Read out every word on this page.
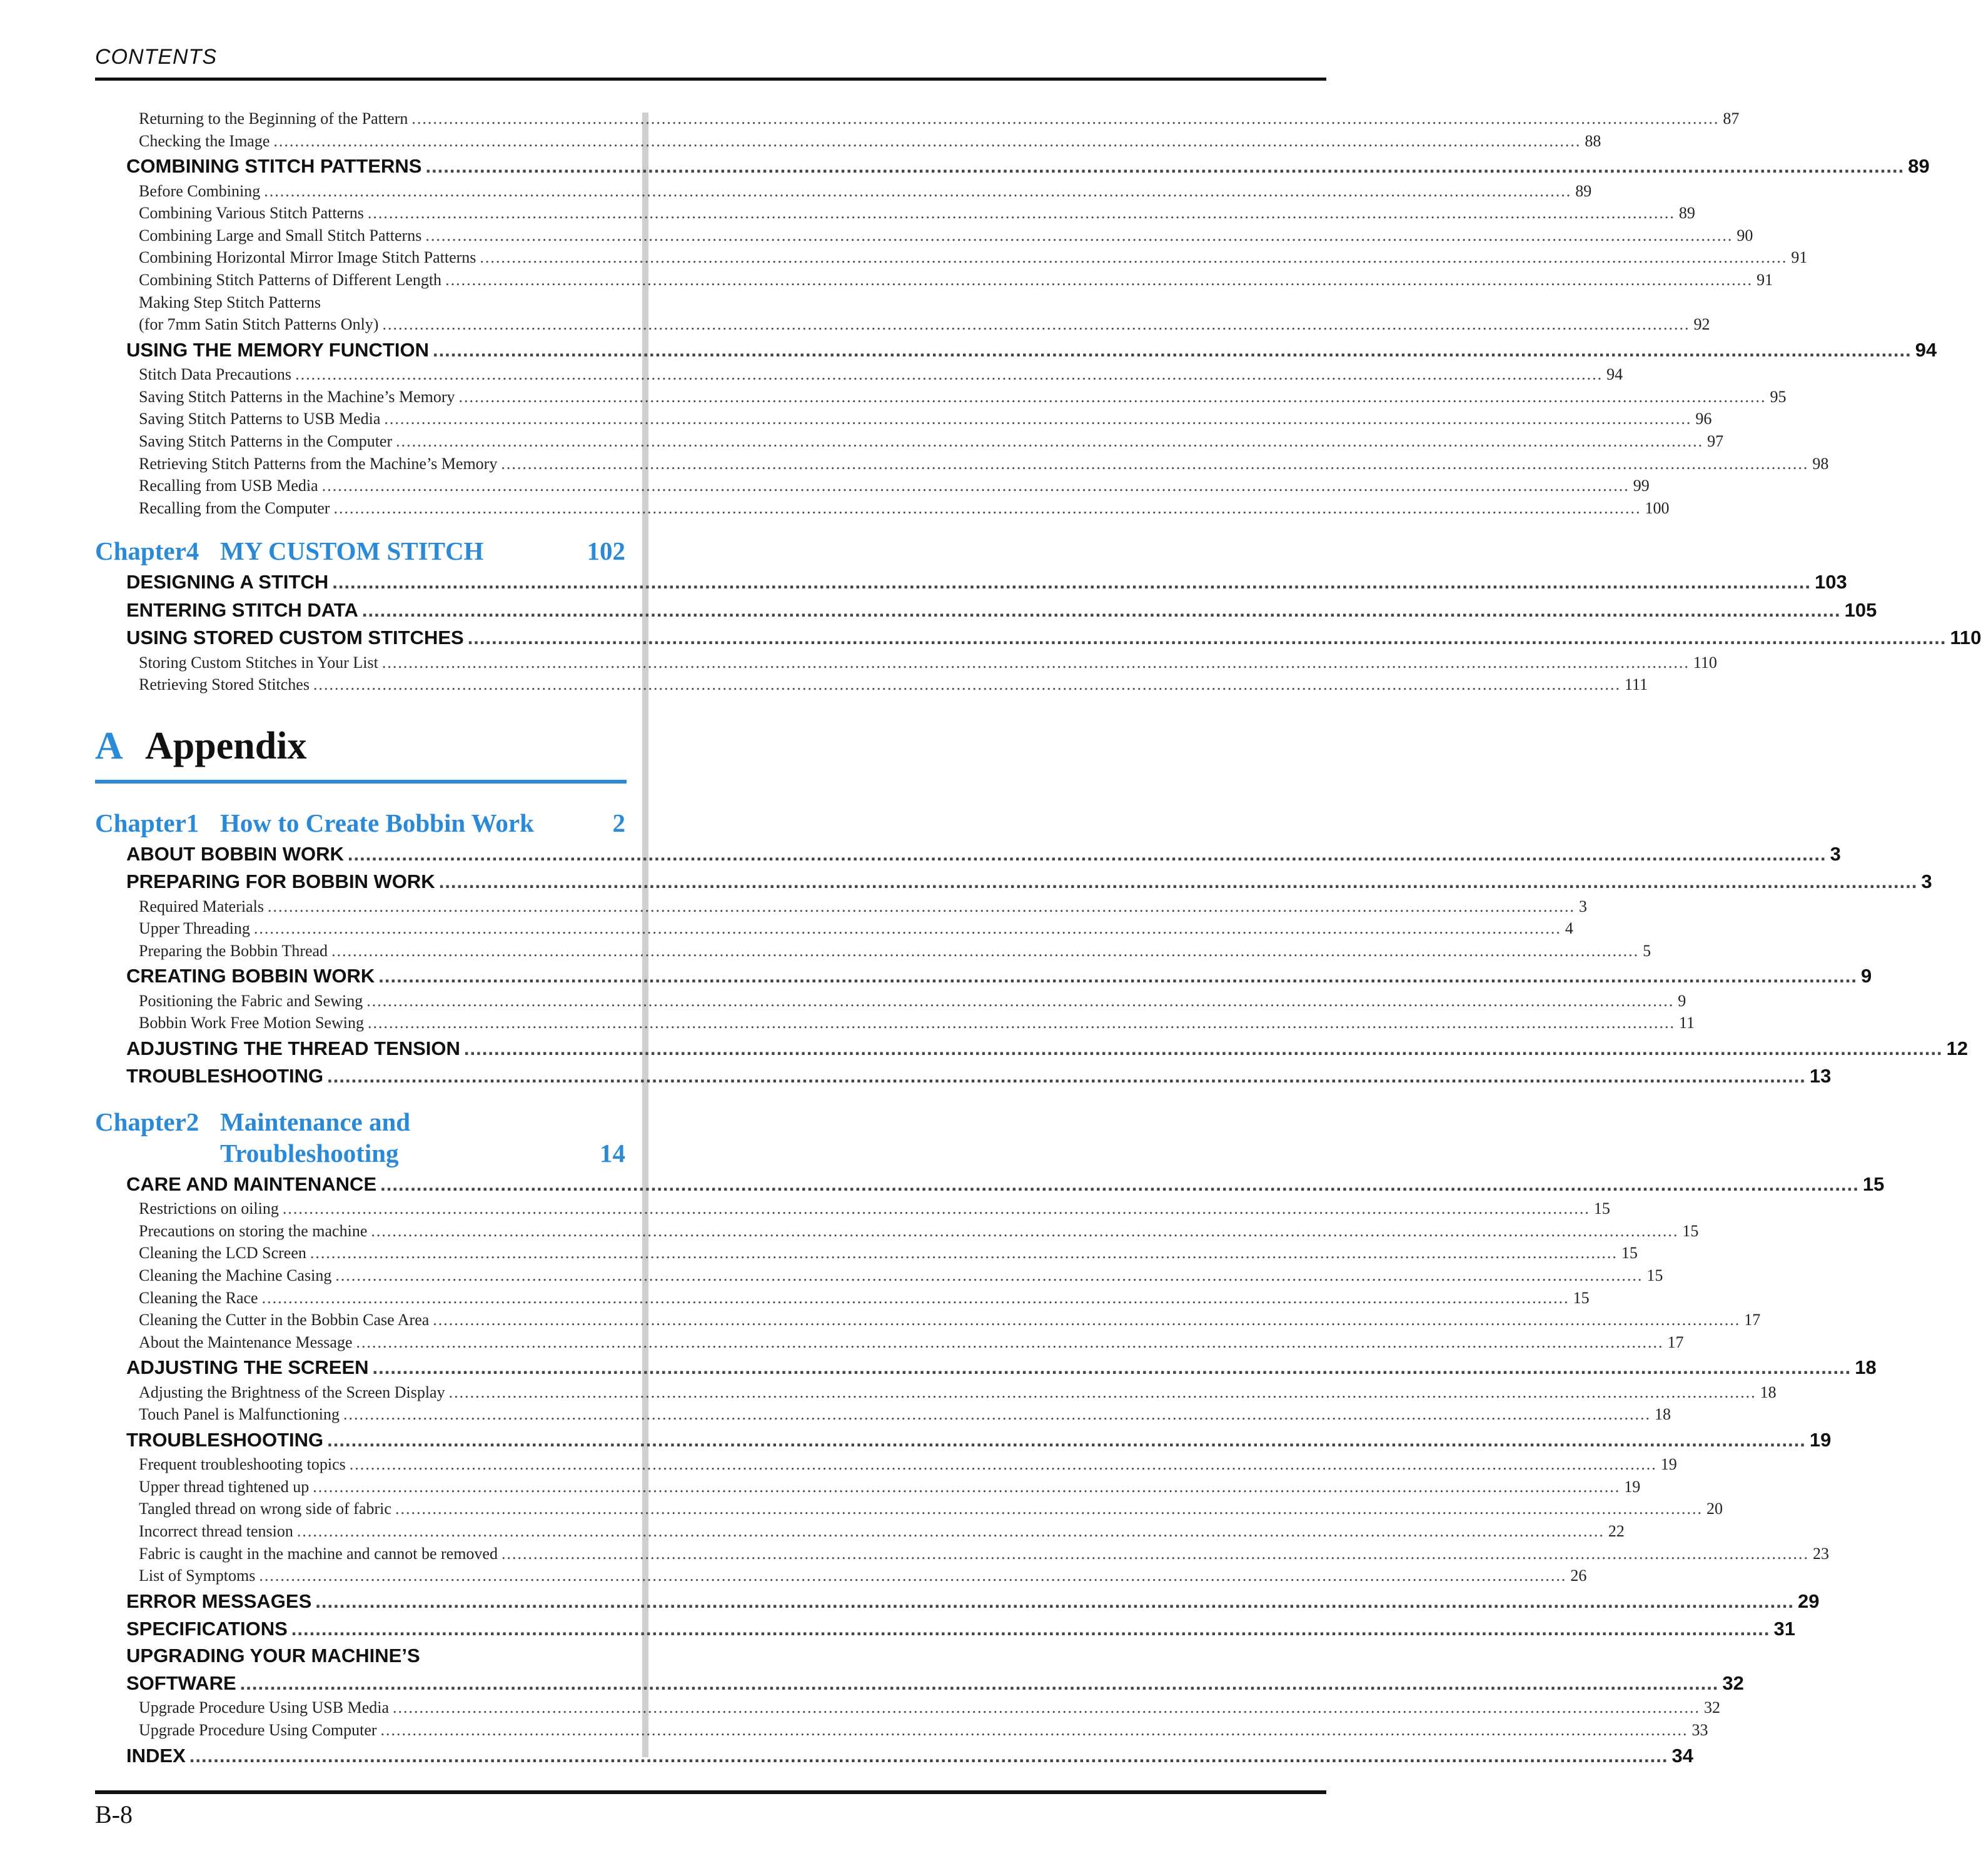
CONTENTS
Returning to the Beginning of the Pattern .....	87
Checking the Image .....	88
COMBINING STITCH PATTERNS .....	89
Before Combining .....	89
Combining Various Stitch Patterns .....	89
Combining Large and Small Stitch Patterns .....	90
Combining Horizontal Mirror Image Stitch Patterns .....	91
Combining Stitch Patterns of Different Length .....	91
Making Step Stitch Patterns
(for 7mm Satin Stitch Patterns Only) .....	92
USING THE MEMORY FUNCTION .....	94
Stitch Data Precautions .....	94
Saving Stitch Patterns in the Machine’s Memory .....	95
Saving Stitch Patterns to USB Media .....	96
Saving Stitch Patterns in the Computer .....	97
Retrieving Stitch Patterns from the Machine’s Memory .....	98
Recalling from USB Media .....	99
Recalling from the Computer .....	100
Chapter4 MY CUSTOM STITCH	102
DESIGNING A STITCH .....	103
ENTERING STITCH DATA .....	105
USING STORED CUSTOM STITCHES .....	110
Storing Custom Stitches in Your List .....	110
Retrieving Stored Stitches .....	111
A Appendix
Chapter1 How to Create Bobbin Work	2
ABOUT BOBBIN WORK .....	3
PREPARING FOR BOBBIN WORK .....	3
Required Materials .....	3
Upper Threading .....	4
Preparing the Bobbin Thread .....	5
CREATING BOBBIN WORK .....	9
Positioning the Fabric and Sewing .....	9
Bobbin Work Free Motion Sewing .....	11
ADJUSTING THE THREAD TENSION .....	12
TROUBLESHOOTING .....	13
Chapter2 Maintenance and
Troubleshooting	14
CARE AND MAINTENANCE .....	15
Restrictions on oiling .....	15
Precautions on storing the machine .....	15
Cleaning the LCD Screen .....	15
Cleaning the Machine Casing .....	15
Cleaning the Race .....	15
Cleaning the Cutter in the Bobbin Case Area .....	17
About the Maintenance Message .....	17
ADJUSTING THE SCREEN .....	18
Adjusting the Brightness of the Screen Display .....	18
Touch Panel is Malfunctioning .....	18
TROUBLESHOOTING .....	19
Frequent troubleshooting topics .....	19
Upper thread tightened up .....	19
Tangled thread on wrong side of fabric .....	20
Incorrect thread tension .....	22
Fabric is caught in the machine and cannot be removed .....	23
List of Symptoms .....	26
ERROR MESSAGES .....	29
SPECIFICATIONS .....	31
UPGRADING YOUR MACHINE’S
SOFTWARE .....	32
Upgrade Procedure Using USB Media .....	32
Upgrade Procedure Using Computer .....	33
INDEX .....	34
B-8
